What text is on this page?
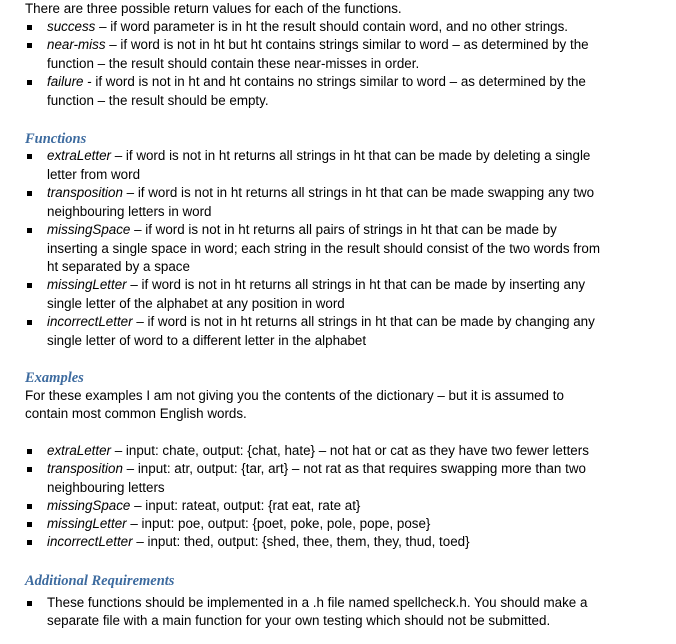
There are three possible return values for each of the functions.
success – if word parameter is in ht the result should contain word, and no other strings.
near-miss – if word is not in ht but ht contains strings similar to word – as determined by the
function – the result should contain these near-misses in order.
failure - if word is not in ht and ht contains no strings similar to word – as determined by the
function – the result should be empty.
Functions
extraLetter – if word is not in ht returns all strings in ht that can be made by deleting a single
letter from word
transposition – if word is not in ht returns all strings in ht that can be made swapping any two
neighbouring letters in word
missingSpace – if word is not in ht returns all pairs of strings in ht that can be made by
inserting a single space in word; each string in the result should consist of the two words from
ht separated by a space
missingLetter – if word is not in ht returns all strings in ht that can be made by inserting any
single letter of the alphabet at any position in word
incorrectLetter – if word is not in ht returns all strings in ht that can be made by changing any
single letter of word to a different letter in the alphabet
Examples
For these examples I am not giving you the contents of the dictionary – but it is assumed to
contain most common English words.
extraLetter – input: chate, output: {chat, hate} – not hat or cat as they have two fewer letters
transposition – input: atr, output: {tar, art} – not rat as that requires swapping more than two
neighbouring letters
missingSpace – input: rateat, output: {rat eat, rate at}
missingLetter – input: poe, output: {poet, poke, pole, pope, pose}
incorrectLetter – input: thed, output: {shed, thee, them, they, thud, toed}
Additional Requirements
These functions should be implemented in a .h file named spellcheck.h. You should make a
separate file with a main function for your own testing which should not be submitted.
